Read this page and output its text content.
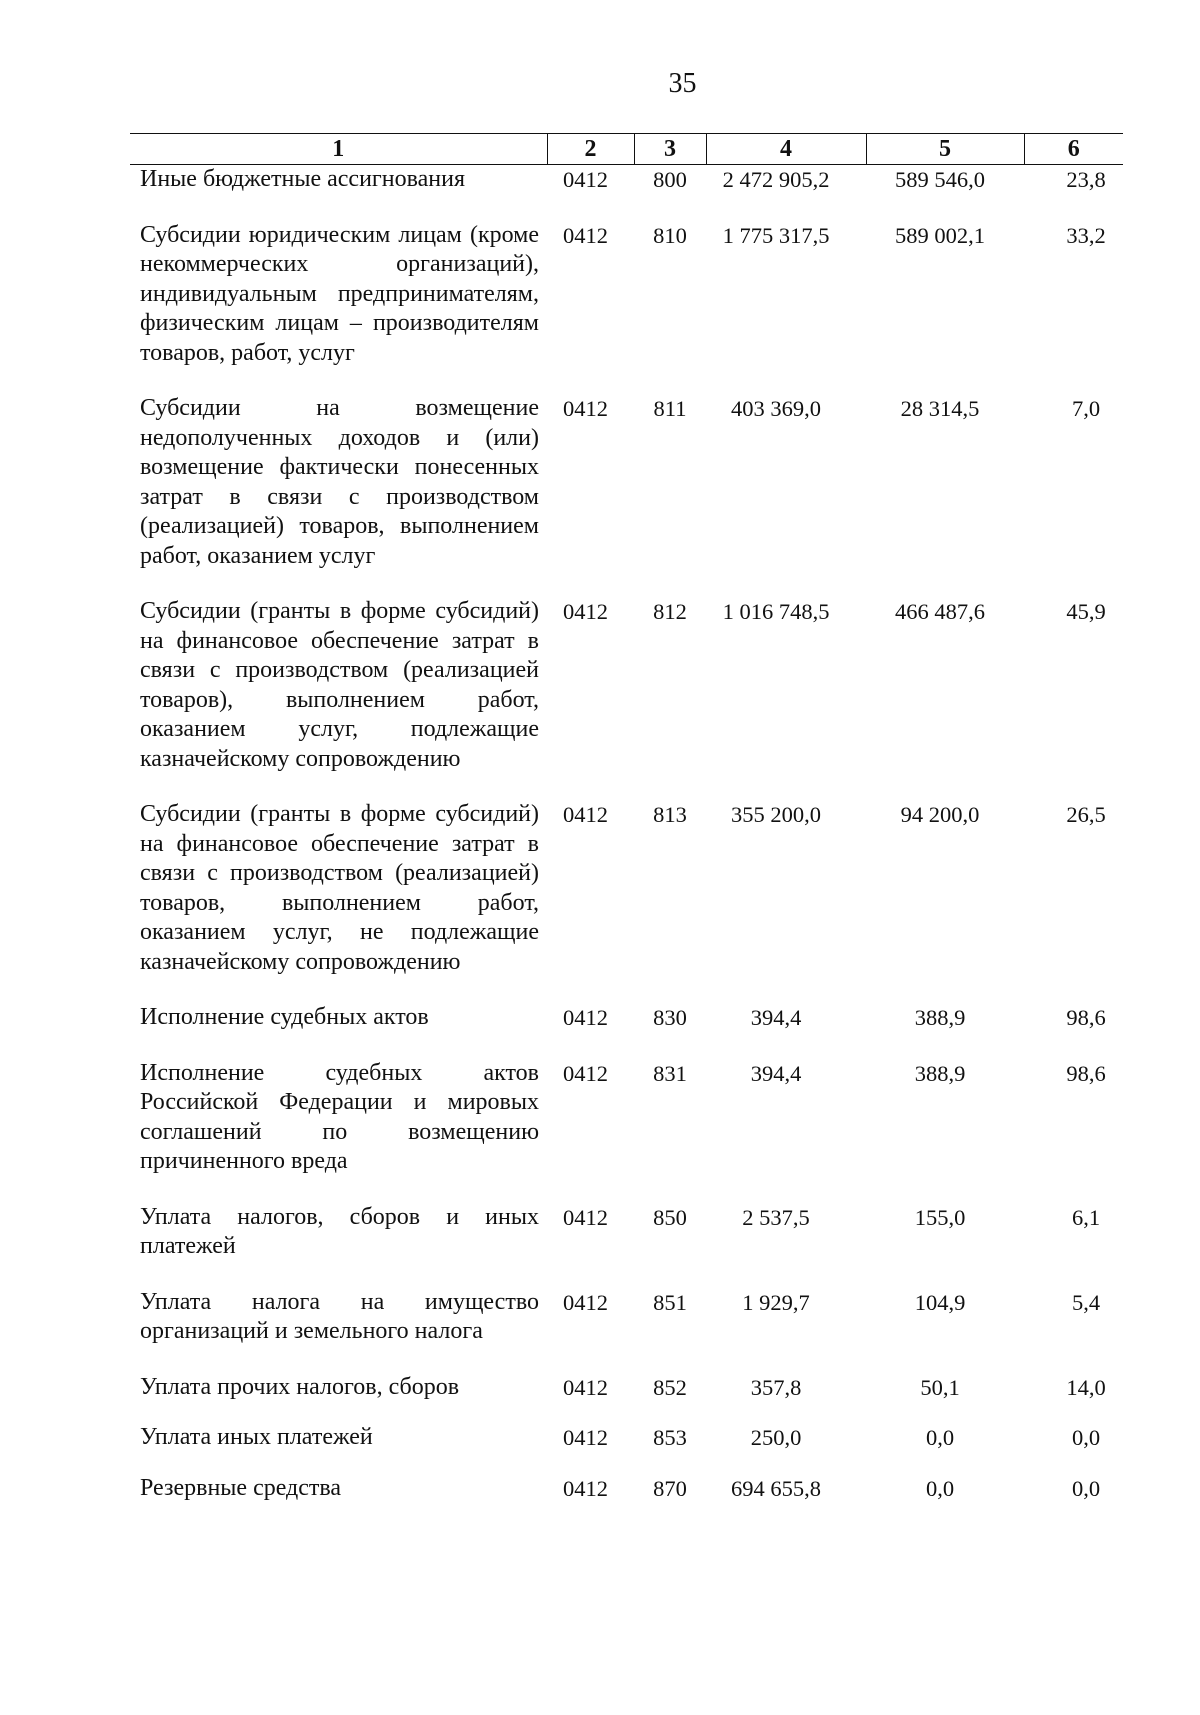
35
1	2	3	4	5	6
Иные бюджетные ассигнования	0412	800	2 472 905,2	589 546,0	23,8
Субсидии юридическим лицам (кроме некоммерческих организаций), индивидуальным предпринимателям, физическим лицам – производителям товаров, работ, услуг	0412	810	1 775 317,5	589 002,1	33,2
Субсидии на возмещение недополученных доходов и (или) возмещение фактически понесенных затрат в связи с производством (реализацией) товаров, выполнением работ, оказанием услуг	0412	811	403 369,0	28 314,5	7,0
Субсидии (гранты в форме субсидий) на финансовое обеспечение затрат в связи с производством (реализацией товаров), выполнением работ, оказанием услуг, подлежащие казначейскому сопровождению	0412	812	1 016 748,5	466 487,6	45,9
Субсидии (гранты в форме субсидий) на финансовое обеспечение затрат в связи с производством (реализацией) товаров, выполнением работ, оказанием услуг, не подлежащие казначейскому сопровождению	0412	813	355 200,0	94 200,0	26,5
Исполнение судебных актов	0412	830	394,4	388,9	98,6
Исполнение судебных актов Российской Федерации и мировых соглашений по возмещению причиненного вреда	0412	831	394,4	388,9	98,6
Уплата налогов, сборов и иных платежей	0412	850	2 537,5	155,0	6,1
Уплата налога на имущество организаций и земельного налога	0412	851	1 929,7	104,9	5,4
Уплата прочих налогов, сборов	0412	852	357,8	50,1	14,0
Уплата иных платежей	0412	853	250,0	0,0	0,0
Резервные средства	0412	870	694 655,8	0,0	0,0
